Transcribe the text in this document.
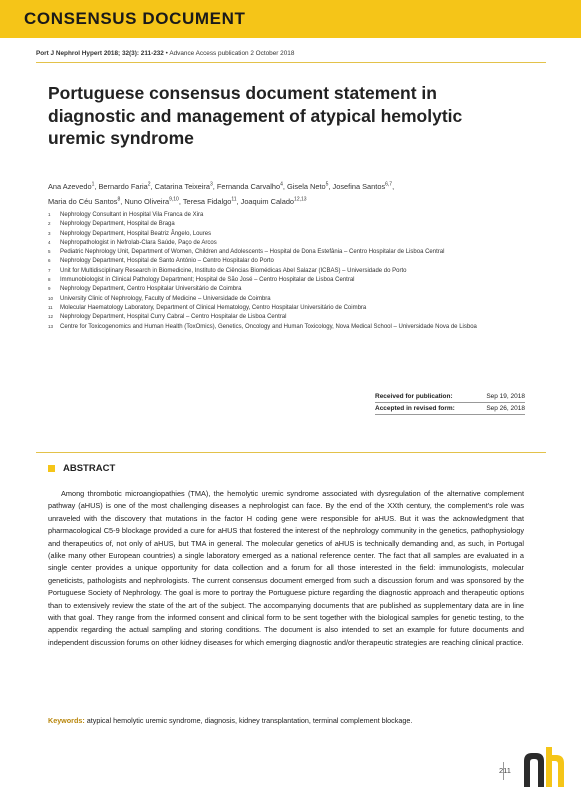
CONSENSUS DOCUMENT
Port J Nephrol Hypert 2018; 32(3): 211-232 • Advance Access publication 2 October 2018
Portuguese consensus document statement in diagnostic and management of atypical hemolytic uremic syndrome
Ana Azevedo$^1$, Bernardo Faria$^2$, Catarina Teixeira$^3$, Fernanda Carvalho$^4$, Gisela Neto$^5$, Josefina Santos$^{6,7}$,
Maria do Céu Santos$^8$, Nuno Oliveira$^{9,10}$, Teresa Fidalgo$^{11}$, Joaquim Calado$^{12,13}$
1 Nephrology Consultant in Hospital Vila Franca de Xira
2 Nephrology Department, Hospital de Braga
3 Nephrology Department, Hospital Beatriz Ângelo, Loures
4 Nephropathologist in Nefrolab-Clara Saúde, Paço de Arcos
5 Pediatric Nephrology Unit, Department of Women, Children and Adolescents – Hospital de Dona Estefânia – Centro Hospitalar de Lisboa Central
6 Nephrology Department, Hospital de Santo António – Centro Hospitalar do Porto
7 Unit for Multidisciplinary Research in Biomedicine, Instituto de Ciências Biomédicas Abel Salazar (ICBAS) – Universidade do Porto
8 Immunobiologist in Clinical Pathology Department; Hospital de São José – Centro Hospitalar de Lisboa Central
9 Nephrology Department, Centro Hospitalar Universitário de Coimbra
10 University Clinic of Nephrology, Faculty of Medicine – Universidade de Coimbra
11 Molecular Haematology Laboratory, Department of Clinical Hematology, Centro Hospitalar Universitário de Coimbra
12 Nephrology Department, Hospital Curry Cabral – Centro Hospitalar de Lisboa Central
13 Centre for Toxicogenomics and Human Health (ToxOmics), Genetics, Oncology and Human Toxicology, Nova Medical School – Universidade Nova de Lisboa
Received for publication:	Sep 19, 2018
Accepted in revised form:	Sep 26, 2018
ABSTRACT

Among thrombotic microangiopathies (TMA), the hemolytic uremic syndrome associated with dysregulation of the alternative complement pathway (aHUS) is one of the most challenging diseases a nephrologist can face. By the end of the XXth century, the complement's role was unraveled with the discovery that mutations in the factor H coding gene were responsible for aHUS. But it was the acknowledgment that pharmacological C5-9 blockage provided a cure for aHUS that fostered the interest of the nephrology community in the genetics, pathophysiology and therapeutics of, not only of aHUS, but TMA in general. The molecular genetics of aHUS is technically demanding and, as such, in Portugal (alike many other European countries) a single laboratory emerged as a national reference center. The fact that all samples are evaluated in a single center provides a unique opportunity for data collection and a forum for all those interested in the field: immunologists, molecular geneticists, pathologists and nephrologists. The current consensus document emerged from such a discussion forum and was sponsored by the Portuguese Society of Nephrology. The goal is more to portray the Portuguese picture regarding the diagnostic approach and therapeutic options than to extensively review the state of the art of the subject. The accompanying documents that are published as supplementary data are in line with that goal. They range from the informed consent and clinical form to be sent together with the biological samples for genetic testing, to the appendix regarding the actual sampling and storing conditions. The document is also intended to set an example for future documents and independent discussion forums on other kidney diseases for which emerging diagnostic and/or therapeutic strategies are reaching clinical practice.

Keywords: atypical hemolytic uremic syndrome, diagnosis, kidney transplantation, terminal complement blockage.
211
